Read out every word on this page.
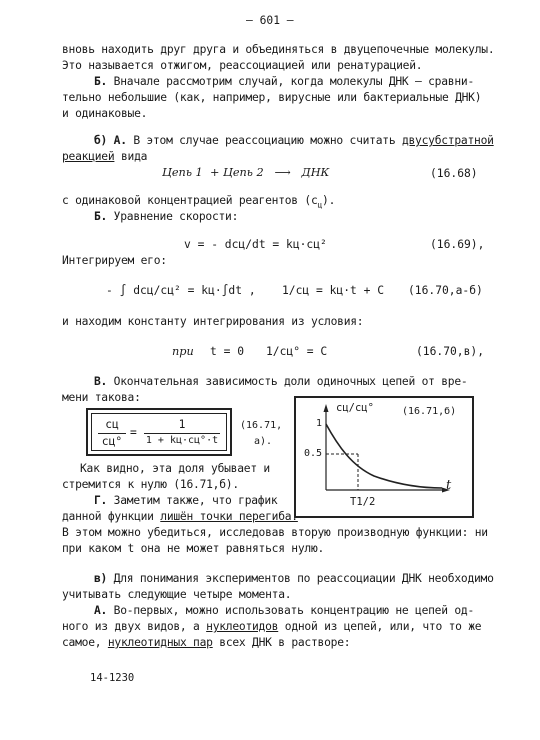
– 601 –
вновь находить друг друга и объединяться в двуцепочечные молекулы.
Это называется отжигом, реассоциацией или ренатурацией.
Б. Вначале рассмотрим случай, когда молекулы ДНК – сравни-
тельно небольшие (как, например, вирусные или бактериальные ДНК)
и одинаковые.
б) А. В этом случае реассоциацию можно считать двусубстратной
реакцией вида
Цепь 1 + Цепь 2 ⟶ ДНК	(16.68)
с одинаковой концентрацией реагентов $(c_ц)$.
Б. Уравнение скорости:
v = - dcц/dt = kц·cц²	(16.69),
Интегрируем его:
- ∫ dcц/cц² = kц·∫dt , 1/cц = kц·t + C (16.70,а-б)
и находим константу интегрирования из условия:
при t = 0 1/cц° = C	(16.70,в),
В. Окончательная зависимость доли одиночных цепей от вре-
мени такова:
cц
cц°
=
1
1 + kц·cц°·t
(16.71,
а).
Как видно, эта доля убывает и
стремится к нулю (16.71,б).
Г. Заметим также, что график
данной функции лишён точки перегиба.
В этом можно убедиться, исследовав вторую производную функции: ни
при каком t она не может равняться нулю.
cц/cц°	(16.71,б)
1
0.5
t
T1/2
в) Для понимания экспериментов по реассоциации ДНК необходимо
учитывать следующие четыре момента.
А. Во-первых, можно использовать концентрацию не цепей од-
ного из двух видов, а нуклеотидов одной из цепей, или, что то же
самое, нуклеотидных пар всех ДНК в растворе:
14-1230
